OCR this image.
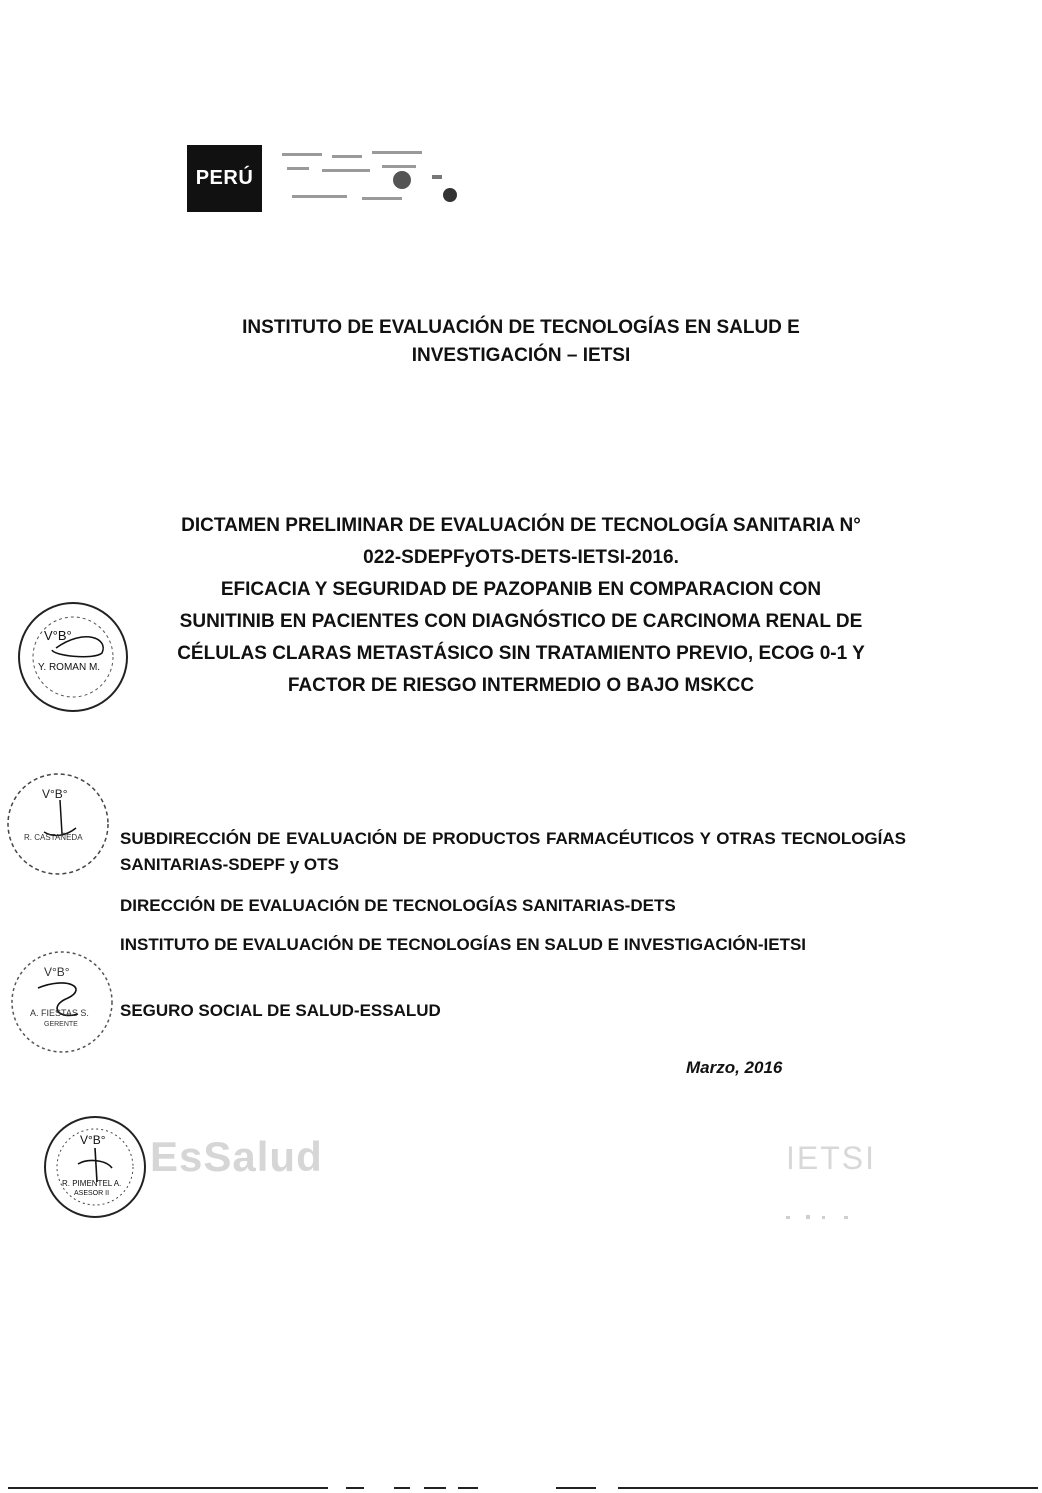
PERÚ
INSTITUTO DE EVALUACIÓN DE TECNOLOGÍAS EN SALUD E
INVESTIGACIÓN – IETSI
DICTAMEN PRELIMINAR DE EVALUACIÓN DE TECNOLOGÍA SANITARIA N°
022-SDEPFyOTS-DETS-IETSI-2016.
EFICACIA Y SEGURIDAD DE PAZOPANIB EN COMPARACION CON
SUNITINIB EN PACIENTES CON DIAGNÓSTICO DE CARCINOMA RENAL DE
CÉLULAS CLARAS METASTÁSICO SIN TRATAMIENTO PREVIO, ECOG 0-1 Y
FACTOR DE RIESGO INTERMEDIO O BAJO MSKCC
SUBDIRECCIÓN DE EVALUACIÓN DE PRODUCTOS FARMACÉUTICOS Y OTRAS TECNOLOGÍAS SANITARIAS-SDEPF y OTS
DIRECCIÓN DE EVALUACIÓN DE TECNOLOGÍAS SANITARIAS-DETS
INSTITUTO DE EVALUACIÓN DE TECNOLOGÍAS EN SALUD E INVESTIGACIÓN-IETSI
SEGURO SOCIAL DE SALUD-ESSALUD
Marzo, 2016
V°B°
Y. ROMAN M.
V°B°
R. CASTAÑEDA
V°B°
A. FIESTAS S.
GERENTE
V°B°
R. PIMENTEL A.
ASESOR II
EsSalud	IETSI
